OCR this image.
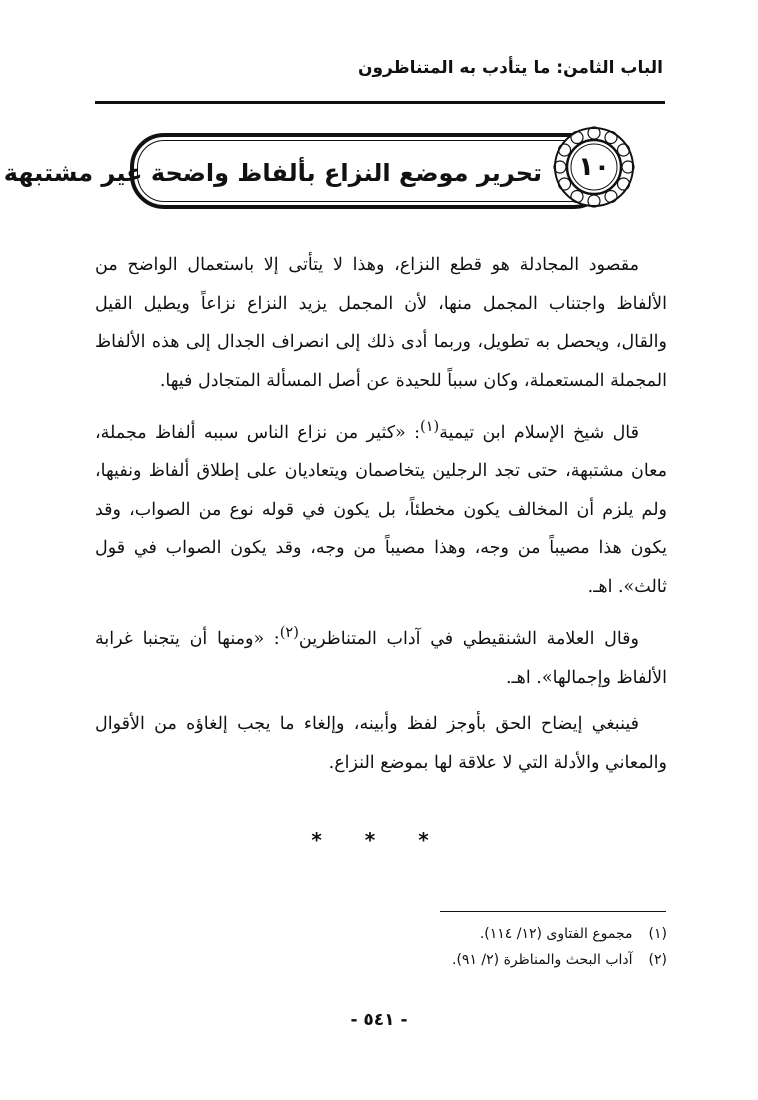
الباب الثامن: ما يتأدب به المتناظرون
تحرير موضع النزاع بألفاظ واضحة غير مشتبهة	١٠

مقصود المجادلة هو قطع النزاع، وهذا لا يتأتى إلا باستعمال الواضح من الألفاظ واجتناب المجمل منها، لأن المجمل يزيد النزاع نزاعاً ويطيل القيل والقال، ويحصل به تطويل، وربما أدى ذلك إلى انصراف الجدال إلى هذه الألفاظ المجملة المستعملة، وكان سبباً للحيدة عن أصل المسألة المتجادل فيها.

قال شيخ الإسلام ابن تيمية$^{(١)}$: «كثير من نزاع الناس سببه ألفاظ مجملة، معان مشتبهة، حتى تجد الرجلين يتخاصمان ويتعاديان على إطلاق ألفاظ ونفيها، ولم يلزم أن المخالف يكون مخطئاً، بل يكون في قوله نوع من الصواب، وقد يكون هذا مصيباً من وجه، وهذا مصيباً من وجه، وقد يكون الصواب في قول ثالث». اهـ.

وقال العلامة الشنقيطي في آداب المتناظرين$^{(٢)}$: «ومنها أن يتجنبا غرابة الألفاظ وإجمالها». اهـ.

فينبغي إيضاح الحق بأوجز لفظ وأبينه، وإلغاء ما يجب إلغاؤه من الأقوال والمعاني والأدلة التي لا علاقة لها بموضع النزاع.

* * *
(١) مجموع الفتاوى (١٢/ ١١٤).
(٢) آداب البحث والمناظرة (٢/ ٩١).
- ٥٤١ -
